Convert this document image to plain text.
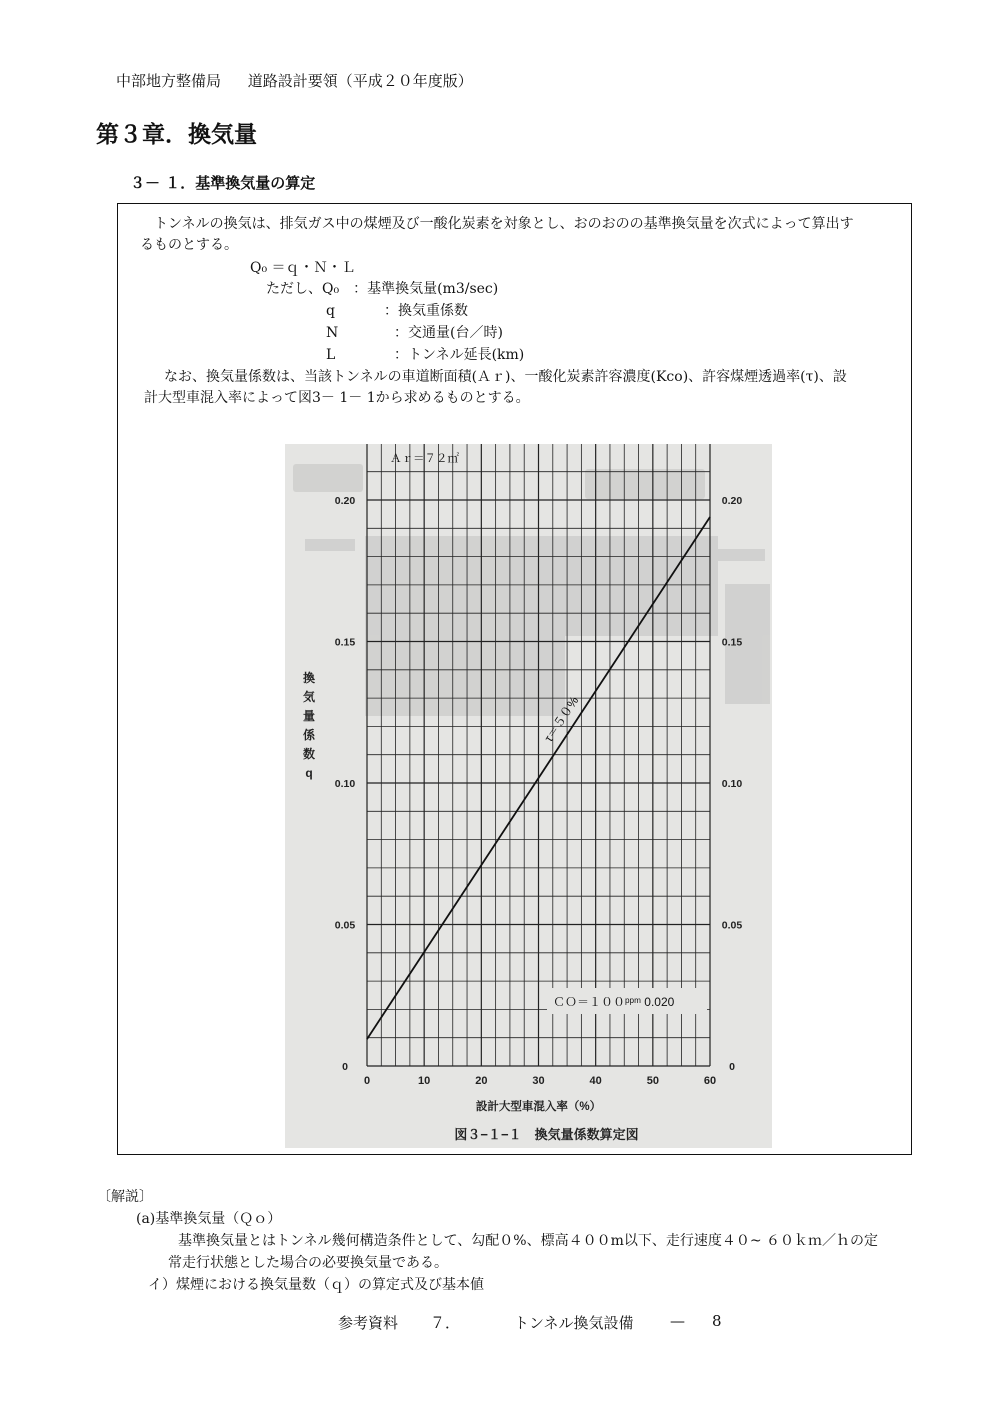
中部地方整備局 道路設計要領（平成２０年度版）
第３章．換気量
３－ １．基準換気量の算定
トンネルの換気は、排気ガス中の煤煙及び一酸化炭素を対象とし、おのおのの基準換気量を次式によって算出す
るものとする。
Q₀ ＝ｑ・Ｎ・Ｌ
ただし、Q₀　：基準換気量(m3/sec)
q	：換気重係数
N	：交通量(台／時)
L	：トンネル延長(km)
なお、換気量係数は、当該トンネルの車道断面積(Ａｒ)、一酸化炭素許容濃度(Kco)、許容煤煙透過率(τ)、設
計大型車混入率によって図3－ 1－ 1から求めるものとする。
0	10	20	30	40	50	60
0	0
0.05	0.05
0.10	0.10
0.15	0.15
0.20	0.20
Ａｒ＝７２㎡
τ＝５０%
ＣＯ＝１００ᵖᵖᵐ 0.020
換
気
量
係
数
q
設計大型車混入率（%）
図３−１−１　換気量係数算定図
〔解説〕
(a)基準換気量（Ｑｏ）
基準換気量とはトンネル幾何構造条件として、勾配０%、標高４００m以下、走行速度４０~ ６０ｋｍ／ｈの定
常走行状態とした場合の必要換気量である。
イ）煤煙における換気量数（ｑ）の算定式及び基本値
参考資料 ７．	トンネル換気設備 — 8
